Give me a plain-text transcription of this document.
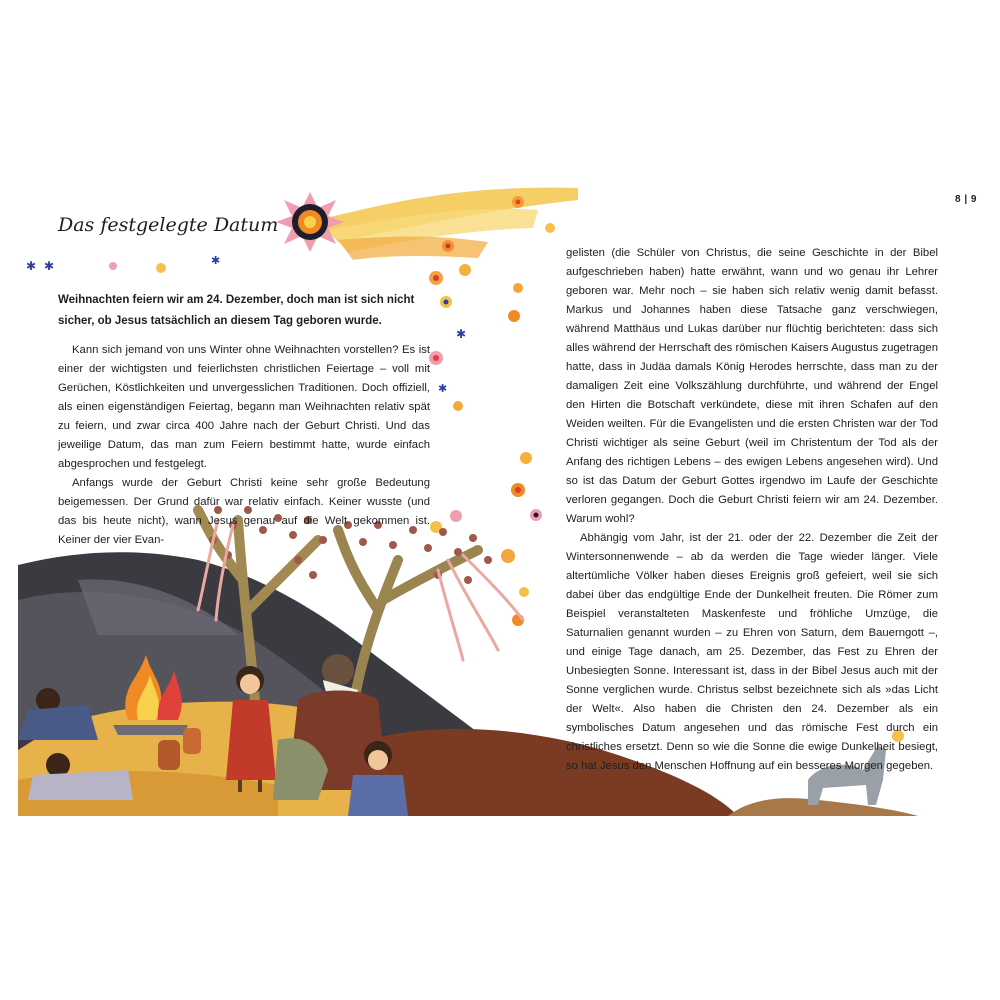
✱ ✱	✱
✱
✱
8 | 9
Das festgelegte Datum

Weihnachten feiern wir am 24. Dezember, doch man ist sich nicht sicher, ob Jesus tatsächlich an diesem Tag geboren wurde.

Kann sich jemand von uns Winter ohne Weihnachten vorstellen? Es ist einer der wichtigsten und feierlichsten christlichen Feiertage – voll mit Gerüchen, Köstlichkeiten und unvergesslichen Traditionen. Doch offiziell, als einen eigenständigen Feiertag, begann man Weihnachten relativ spät zu feiern, und zwar circa 400 Jahre nach der Geburt Christi. Und das jeweilige Datum, das man zum Feiern bestimmt hatte, wurde einfach abgesprochen und festgelegt.

Anfangs wurde der Geburt Christi keine sehr große Bedeutung beigemessen. Der Grund dafür war relativ einfach. Keiner wusste (und das bis heute nicht), wann Jesus genau auf die Welt gekommen ist. Keiner der vier Evan-

gelisten (die Schüler von Christus, die seine Geschichte in der Bibel aufgeschrieben haben) hatte erwähnt, wann und wo genau ihr Lehrer geboren war. Mehr noch – sie haben sich relativ wenig damit befasst. Markus und Johannes haben diese Tatsache ganz verschwiegen, während Matthäus und Lukas darüber nur flüchtig berichteten: dass sich alles während der Herrschaft des römischen Kaisers Augustus zugetragen hatte, dass in Judäa damals König Herodes herrschte, dass man zu der damaligen Zeit eine Volkszählung durchführte, und während der Engel den Hirten die Botschaft verkündete, diese mit ihren Schafen auf den Weiden weilten. Für die Evangelisten und die ersten Christen war der Tod Christi wichtiger als seine Geburt (weil im Christentum der Tod als der Anfang des richtigen Lebens – des ewigen Lebens angesehen wird). Und so ist das Datum der Geburt Gottes irgendwo im Laufe der Geschichte verloren gegangen. Doch die Geburt Christi feiern wir am 24. Dezember. Warum wohl?

Abhängig vom Jahr, ist der 21. oder der 22. Dezember die Zeit der Wintersonnenwende – ab da werden die Tage wieder länger. Viele altertümliche Völker haben dieses Ereignis groß gefeiert, weil sie sich dabei über das endgültige Ende der Dunkelheit freuten. Die Römer zum Beispiel veranstalteten Maskenfeste und fröhliche Umzüge, die Saturnalien genannt wurden – zu Ehren von Saturn, dem Bauerngott –, und einige Tage danach, am 25. Dezember, das Fest zu Ehren der Unbesiegten Sonne. Interessant ist, dass in der Bibel Jesus auch mit der Sonne verglichen wurde. Christus selbst bezeichnete sich als »das Licht der Welt«. Also haben die Christen den 24. Dezember als ein symbolisches Datum angesehen und das römische Fest durch ein christliches ersetzt. Denn so wie die Sonne die ewige Dunkelheit besiegt, so hat Jesus den Menschen Hoffnung auf ein besseres Morgen gegeben.
